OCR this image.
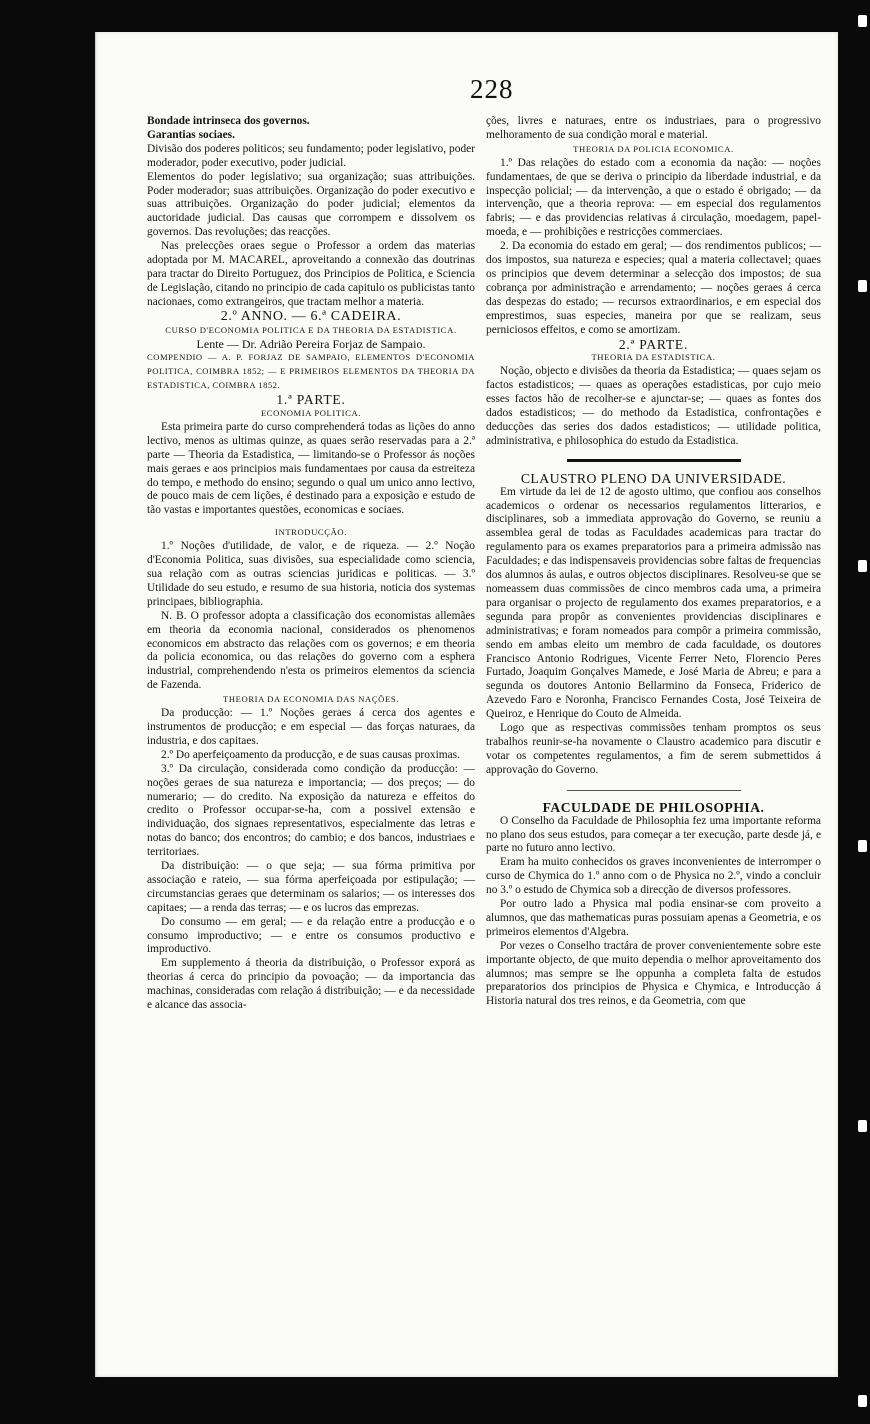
228

Bondade intrinseca dos governos.

Garantias sociaes.

Divisão dos poderes politicos; seu fundamento; poder legislativo, poder moderador, poder executivo, poder judicial.

Elementos do poder legislativo; sua organização; suas attribuições. Poder moderador; suas attribuições. Organização do poder executivo e suas attribuições. Organização do poder judicial; elementos da auctoridade judicial. Das causas que corrompem e dissolvem os governos. Das revoluções; das reacções.

Nas prelecções oraes segue o Professor a ordem das materias adoptada por M. MACAREL, aproveitando a connexão das doutrinas para tractar do Direito Portuguez, dos Principios de Politica, e Sciencia de Legislação, citando no principio de cada capitulo os publicistas tanto nacionaes, como extrangeiros, que tractam melhor a materia.

2.º ANNO. — 6.ª CADEIRA.

CURSO D'ECONOMIA POLITICA E DA THEORIA DA ESTADISTICA.

Lente — Dr. Adrião Pereira Forjaz de Sampaio.

COMPENDIO — A. P. FORJAZ DE SAMPAIO, ELEMENTOS D'ECONOMIA POLITICA, COIMBRA 1852; — E PRIMEIROS ELEMENTOS DA THEORIA DA ESTADISTICA, COIMBRA 1852.

1.ª PARTE.

ECONOMIA POLITICA.

Esta primeira parte do curso comprehenderá todas as lições do anno lectivo, menos as ultimas quinze, as quaes serão reservadas para a 2.ª parte — Theoria da Estadistica, — limitando-se o Professor ás noções mais geraes e aos principios mais fundamentaes por causa da estreiteza do tempo, e methodo do ensino; segundo o qual um unico anno lectivo, de pouco mais de cem lições, é destinado para a exposição e estudo de tão vastas e importantes questões, economicas e sociaes.

INTRODUCÇÃO.

1.º Noções d'utilidade, de valor, e de riqueza. — 2.º Noção d'Economia Politica, suas divisões, sua especialidade como sciencia, sua relação com as outras sciencias juridicas e politicas. — 3.º Utilidade do seu estudo, e resumo de sua historia, noticia dos systemas principaes, bibliographia.

N. B. O professor adopta a classificação dos economistas allemães em theoria da economia nacional, considerados os phenomenos economicos em abstracto das relações com os governos; e em theoria da policia economica, ou das relações do governo com a esphera industrial, comprehendendo n'esta os primeiros elementos da sciencia de Fazenda.

THEORIA DA ECONOMIA DAS NAÇÕES.

Da producção: — 1.º Noções geraes á cerca dos agentes e instrumentos de producção; e em especial — das forças naturaes, da industria, e dos capitaes.

2.º Do aperfeiçoamento da producção, e de suas causas proximas.

3.º Da circulação, considerada como condição da producção: — noções geraes de sua natureza e importancia; — dos preços; — do numerario; — do credito. Na exposição da natureza e effeitos do credito o Professor occupar-se-ha, com a possivel extensão e individuação, dos signaes representativos, especialmente das letras e notas do banco; dos encontros; do cambio; e dos bancos, industriaes e territoriaes.

Da distribuição: — o que seja; — sua fórma primitiva por associação e rateio, — sua fórma aperfeiçoada por estipulação; — circumstancias geraes que determinam os salarios; — os interesses dos capitaes; — a renda das terras; — e os lucros das emprezas.

Do consumo — em geral; — e da relação entre a producção e o consumo improductivo; — e entre os consumos productivo e improductivo.

Em supplemento á theoria da distribuição, o Professor exporá as theorias á cerca do principio da povoação; — da importancia das machinas, consideradas com relação á distribuição; — e da necessidade e alcance das associa-

ções, livres e naturaes, entre os industriaes, para o progressivo melhoramento de sua condição moral e material.

THEORIA DA POLICIA ECONOMICA.

1.º Das relações do estado com a economia da nação: — noções fundamentaes, de que se deriva o principio da liberdade industrial, e da inspecção policial; — da intervenção, a que o estado é obrigado; — da intervenção, que a theoria reprova: — em especial dos regulamentos fabris; — e das providencias relativas á circulação, moedagem, papel-moeda, e — prohibições e restricções commerciaes.

2. Da economia do estado em geral; — dos rendimentos publicos; — dos impostos, sua natureza e especies; qual a materia collectavel; quaes os principios que devem determinar a selecção dos impostos; de sua cobrança por administração e arrendamento; — noções geraes á cerca das despezas do estado; — recursos extraordinarios, e em especial dos emprestimos, suas especies, maneira por que se realizam, seus perniciosos effeitos, e como se amortizam.

2.ª PARTE.

THEORIA DA ESTADISTICA.

Noção, objecto e divisões da theoria da Estadistica; — quaes sejam os factos estadisticos; — quaes as operações estadisticas, por cujo meio esses factos hão de recolher-se e ajunctar-se; — quaes as fontes dos dados estadisticos; — do methodo da Estadistica, confrontações e deducções das series dos dados estadisticos; — utilidade politica, administrativa, e philosophica do estudo da Estadistica.

CLAUSTRO PLENO DA UNIVERSIDADE.

Em virtude da lei de 12 de agosto ultimo, que confiou aos conselhos academicos o ordenar os necessarios regulamentos litterarios, e disciplinares, sob a immediata approvação do Governo, se reuniu a assemblea geral de todas as Faculdades academicas para tractar do regulamento para os exames preparatorios para a primeira admissão nas Faculdades; e das indispensaveis providencias sobre faltas de frequencias dos alumnos ás aulas, e outros objectos disciplinares. Resolveu-se que se nomeassem duas commissões de cinco membros cada uma, a primeira para organisar o projecto de regulamento dos exames preparatorios, e a segunda para propôr as convenientes providencias disciplinares e administrativas; e foram nomeados para compôr a primeira commissão, sendo em ambas eleito um membro de cada faculdade, os doutores Francisco Antonio Rodrigues, Vicente Ferrer Neto, Florencio Peres Furtado, Joaquim Gonçalves Mamede, e José Maria de Abreu; e para a segunda os doutores Antonio Bellarmino da Fonseca, Friderico de Azevedo Faro e Noronha, Francisco Fernandes Costa, José Teixeira de Queiroz, e Henrique do Couto de Almeida.

Logo que as respectivas commissões tenham promptos os seus trabalhos reunir-se-ha novamente o Claustro academico para discutir e votar os competentes regulamentos, a fim de serem submettidos á approvação do Governo.

FACULDADE DE PHILOSOPHIA.

O Conselho da Faculdade de Philosophia fez uma importante reforma no plano dos seus estudos, para começar a ter execução, parte desde já, e parte no futuro anno lectivo.

Eram ha muito conhecidos os graves inconvenientes de interromper o curso de Chymica do 1.º anno com o de Physica no 2.º, vindo a concluir no 3.º o estudo de Chymica sob a direcção de diversos professores.

Por outro lado a Physica mal podia ensinar-se com proveito a alumnos, que das mathematicas puras possuiam apenas a Geometria, e os primeiros elementos d'Algebra.

Por vezes o Conselho tractára de prover convenientemente sobre este importante objecto, de que muito dependia o melhor aproveitamento dos alumnos; mas sempre se lhe oppunha a completa falta de estudos preparatorios dos principios de Physica e Chymica, e Introducção á Historia natural dos tres reinos, e da Geometria, com que
